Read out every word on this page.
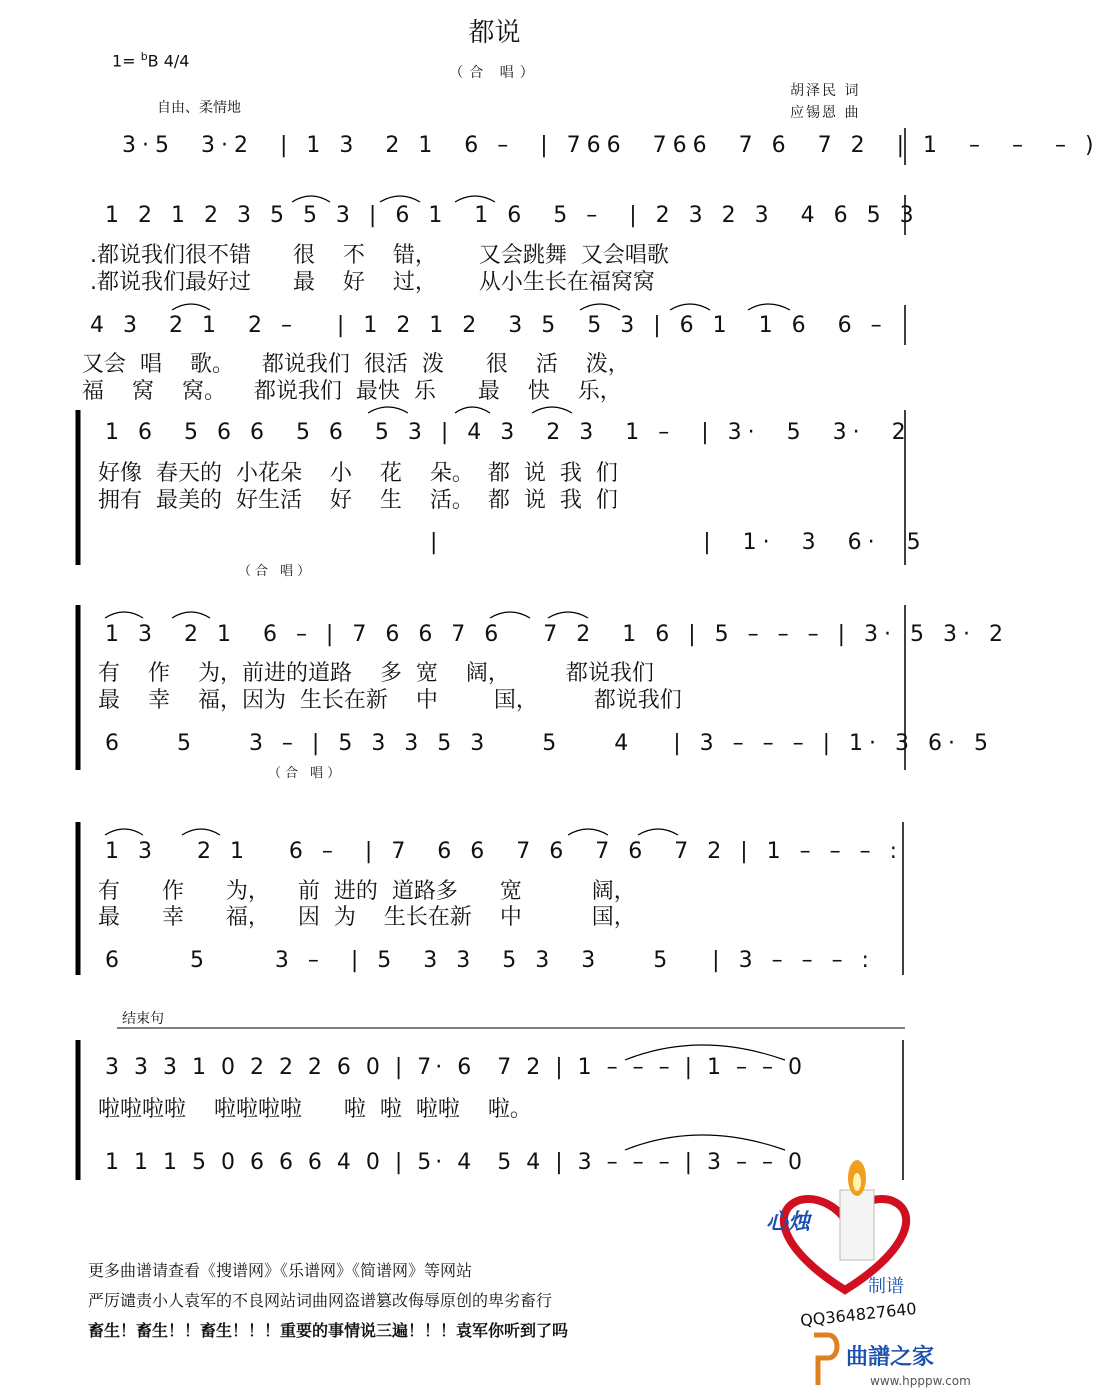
都说
（合 唱）
1= $^b$B 4/4
自由、柔情地
胡泽民 词
应锡恩 曲
3·5  3·2  | 1 3  2 1  6 –  | 766  766  7 6  7 2  | 1  –  –  – )
1 2 1 2 3 5 5 3 | 6 1  1 6  5 –  | 2 3 2 3  4 6 5 3
.都说我们很不错      很    不    错，      又会跳舞  又会唱歌
.都说我们最好过      最    好    过，      从小生长在福窝窝
4 3  2 1  2 –   | 1 2 1 2  3 5  5 3 | 6 1  1 6  6 –
又会  唱    歌。    都说我们  很活  泼      很    活    泼，
福    窝    窝。    都说我们  最快  乐      最    快    乐，
1 6  5 6 6  5 6  5 3 | 4 3  2 3  1 –  | 3·  5  3·  2
好像  春天的  小花朵    小    花    朵。  都  说  我  们
拥有  最美的  好生活    好    生    活。  都  说  我  们
|                    |  1·  3  6·  5
（合 唱）
1 3  2 1  6 – | 7 6 6 7 6   7 2  1 6 | 5 – – – | 3· 5 3· 2
有    作    为，前进的道路    多  宽    阔，        都说我们
最    幸    福，因为  生长在新    中        国，        都说我们
6    5    3 – | 5 3 3 5 3    5    4   | 3 – – – | 1· 3 6· 5
（合 唱）
1 3   2 1   6 –  | 7  6 6  7 6  7 6  7 2 | 1 – – – :
有      作      为，    前  进的  道路多      宽          阔，
最      幸      福，    因  为    生长在新    中          国，
6     5     3 –  | 5  3 3  5 3  3    5   | 3 – – – :
结束句
3 3 3 1 0 2 2 2 6 0 | 7· 6  7 2 | 1 – – – | 1 – – 0
啦啦啦啦    啦啦啦啦      啦  啦  啦啦    啦。
1 1 1 5 0 6 6 6 4 0 | 5· 4  5 4 | 3 – – – | 3 – – 0
更多曲谱请查看《搜谱网》《乐谱网》《简谱网》等网站
严厉谴责小人袁军的不良网站词曲网盗谱篡改侮辱原创的卑劣畜行
畜生！畜生！！畜生！！！重要的事情说三遍！！！袁军你听到了吗
心烛
制谱
QQ364827640
曲譜之家
www.hpppw.com
